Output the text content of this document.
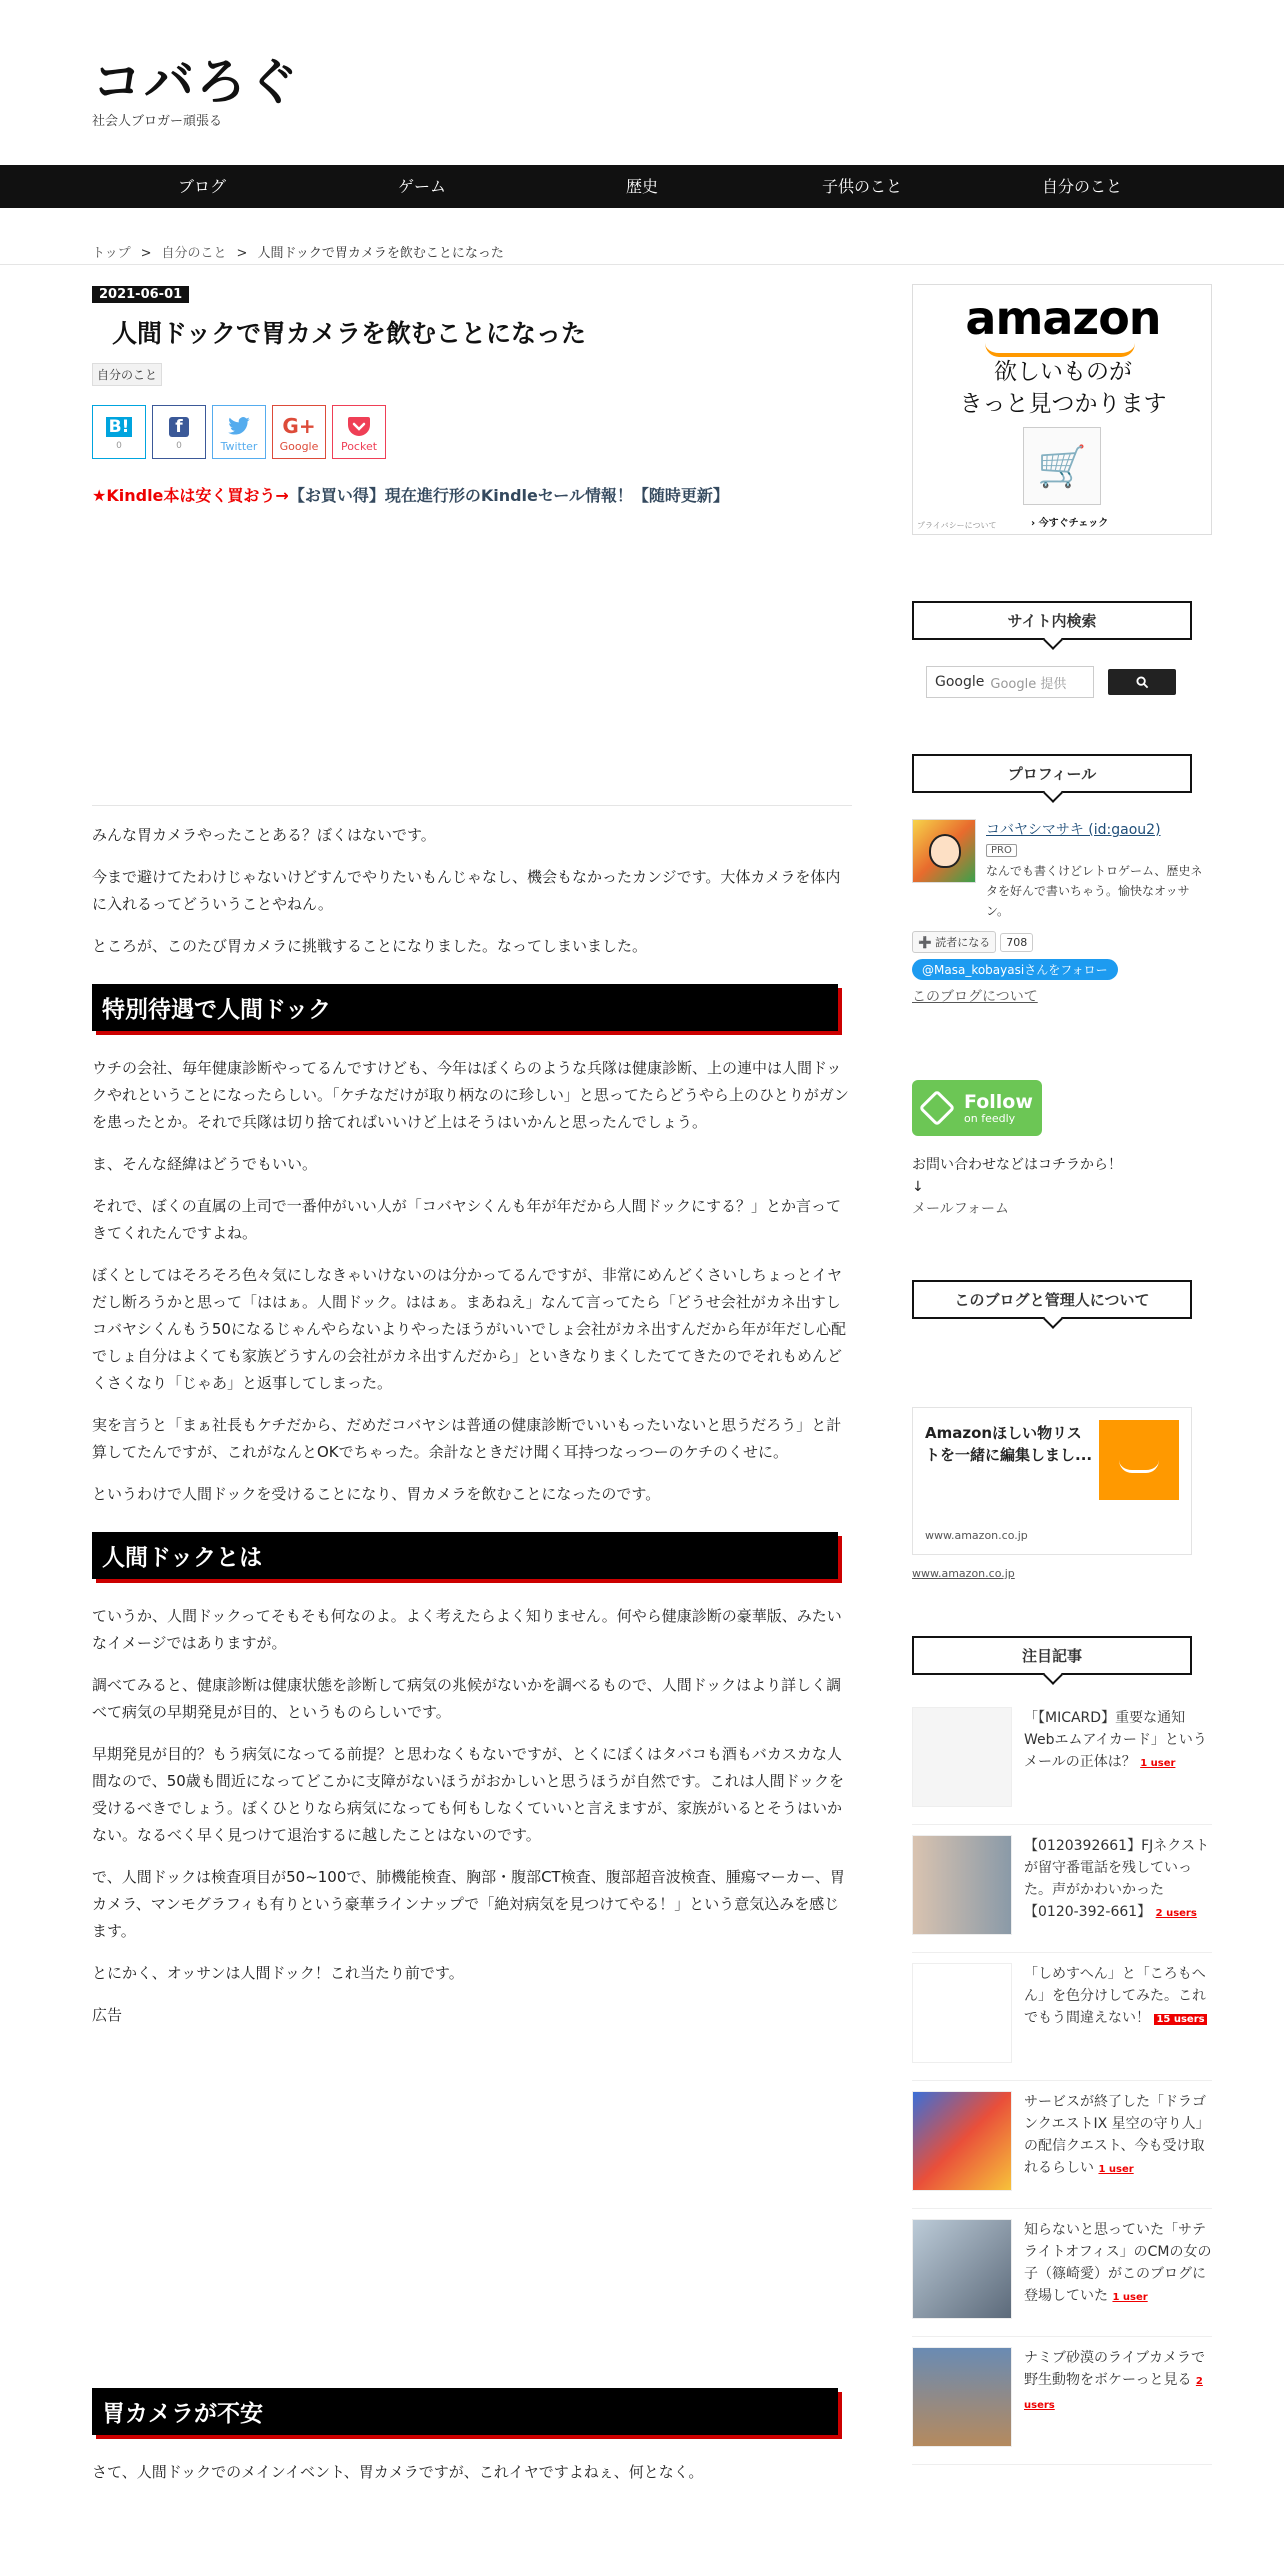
コバろぐ
社会人ブロガー頑張る
ブログ	ゲーム	歴史	子供のこと	自分のこと
トップ > 自分のこと > 人間ドックで胃カメラを飲むことになった
2021-06-01
人間ドックで胃カメラを飲むことになった
自分のこと
B!
0
f
0	Twitter
G+
Google Pocket
★Kindle本は安く買おう→【お買い得】現在進行形のKindleセール情報！【随時更新】

みんな胃カメラやったことある？ぼくはないです。

今まで避けてたわけじゃないけどすんでやりたいもんじゃなし、機会もなかったカンジです。大体カメラを体内に入れるってどういうことやねん。

ところが、このたび胃カメラに挑戦することになりました。なってしまいました。

特別待遇で人間ドック

ウチの会社、毎年健康診断やってるんですけども、今年はぼくらのような兵隊は健康診断、上の連中は人間ドックやれということになったらしい。「ケチなだけが取り柄なのに珍しい」と思ってたらどうやら上のひとりがガンを患ったとか。それで兵隊は切り捨てればいいけど上はそうはいかんと思ったんでしょう。

ま、そんな経緯はどうでもいい。

それで、ぼくの直属の上司で一番仲がいい人が「コバヤシくんも年が年だから人間ドックにする？」とか言ってきてくれたんですよね。

ぼくとしてはそろそろ色々気にしなきゃいけないのは分かってるんですが、非常にめんどくさいしちょっとイヤだし断ろうかと思って「ははぁ。人間ドック。ははぁ。まあねえ」なんて言ってたら「どうせ会社がカネ出すしコバヤシくんもう50になるじゃんやらないよりやったほうがいいでしょ会社がカネ出すんだから年が年だし心配でしょ自分はよくても家族どうすんの会社がカネ出すんだから」といきなりまくしたててきたのでそれもめんどくさくなり「じゃあ」と返事してしまった。

実を言うと「まぁ社長もケチだから、だめだコバヤシは普通の健康診断でいいもったいないと思うだろう」と計算してたんですが、これがなんとOKでちゃった。余計なときだけ聞く耳持つなっつーのケチのくせに。

というわけで人間ドックを受けることになり、胃カメラを飲むことになったのです。

人間ドックとは

ていうか、人間ドックってそもそも何なのよ。よく考えたらよく知りません。何やら健康診断の豪華版、みたいなイメージではありますが。

調べてみると、健康診断は健康状態を診断して病気の兆候がないかを調べるもので、人間ドックはより詳しく調べて病気の早期発見が目的、というものらしいです。

早期発見が目的？もう病気になってる前提？と思わなくもないですが、とくにぼくはタバコも酒もバカスカな人間なので、50歳も間近になってどこかに支障がないほうがおかしいと思うほうが自然です。これは人間ドックを受けるべきでしょう。ぼくひとりなら病気になっても何もしなくていいと言えますが、家族がいるとそうはいかない。なるべく早く見つけて退治するに越したことはないのです。

で、人間ドックは検査項目が50~100で、肺機能検査、胸部・腹部CT検査、腹部超音波検査、腫瘍マーカー、胃カメラ、マンモグラフィも有りという豪華ラインナップで「絶対病気を見つけてやる！」という意気込みを感じます。

とにかく、オッサンは人間ドック！これ当たり前です。

広告

胃カメラが不安

さて、人間ドックでのメインイベント、胃カメラですが、これイヤですよねぇ、何となく。

amazon
欲しいものが
きっと見つかります
🛒
プライバシーについて	› 今すぐチェック
サイト内検索
Google Google 提供
プロフィール
コバヤシマサキ (id:gaou2)
PRO
なんでも書くけどレトロゲーム、歴史ネタを好んで書いちゃう。愉快なオッサン。
➕ 読者になる	708
@Masa_kobayasiさんをフォロー
このブログについて
Follow
on feedly
お問い合わせなどはコチラから！
↓
メールフォーム
このブログと管理人について
Amazonほしい物リストを一緒に編集しまし...
www.amazon.co.jp
www.amazon.co.jp
注目記事
「【MICARD】重要な通知Webエムアイカード」というメールの正体は？ 1 user
【0120392661】FJネクストが留守番電話を残していった。声がかわいかった【0120-392-661】 2 users
「しめすへん」と「ころもへん」を色分けしてみた。これでもう間違えない！ 15 users
サービスが終了した「ドラゴンクエストIX 星空の守り人」の配信クエスト、今も受け取れるらしい 1 user
知らないと思っていた「サテライトオフィス」のCMの女の子（篠崎愛）がこのブログに登場していた 1 user
ナミブ砂漠のライブカメラで野生動物をボケーっと見る 2 users
